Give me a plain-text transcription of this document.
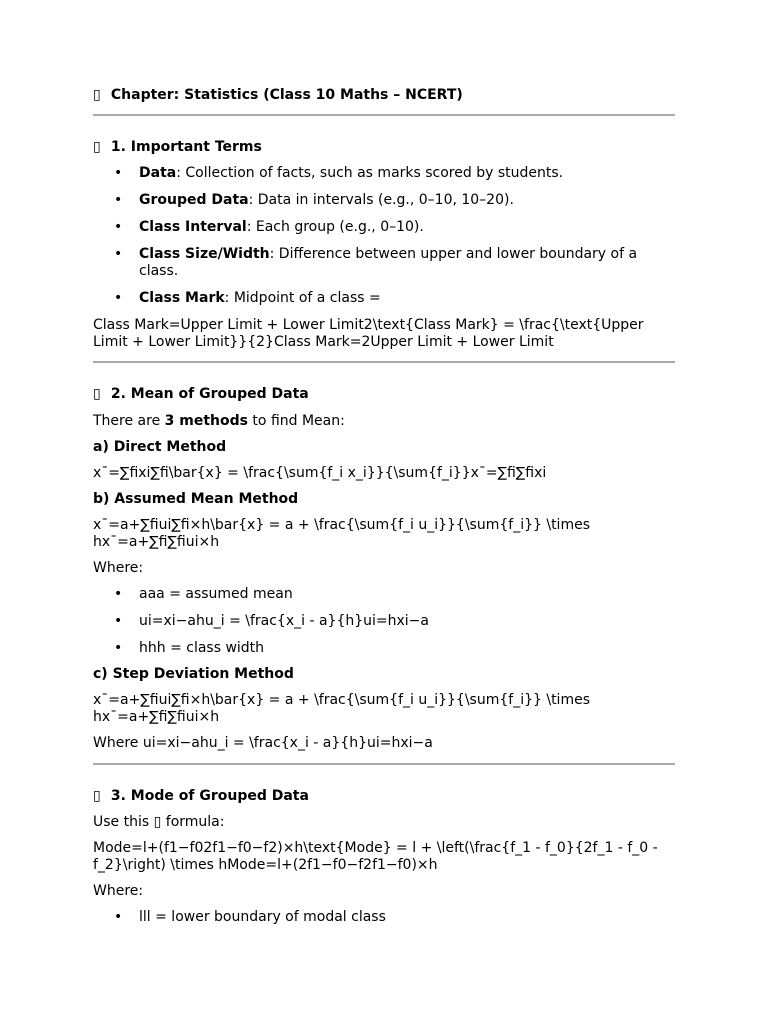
▯ Chapter: Statistics (Class 10 Maths – NCERT)

▯ 1. Important Terms

• Data: Collection of facts, such as marks scored by students.
• Grouped Data: Data in intervals (e.g., 0–10, 10–20).
• Class Interval: Each group (e.g., 0–10).
• Class Size/Width: Difference between upper and lower boundary of a class.
• Class Mark: Midpoint of a class =

Class Mark=Upper Limit + Lower Limit2\text{Class Mark} = \frac{\text{Upper Limit + Lower Limit}}{2}Class Mark=2Upper Limit + Lower Limit

▯ 2. Mean of Grouped Data

There are 3 methods to find Mean:

a) Direct Method

x¯=∑fixi∑fi\bar{x} = \frac{\sum{f_i x_i}}{\sum{f_i}}x¯=∑fi∑fixi

b) Assumed Mean Method

x¯=a+∑fiui∑fi×h\bar{x} = a + \frac{\sum{f_i u_i}}{\sum{f_i}} \times hx¯=a+∑fi∑fiui×h

Where:

• aaa = assumed mean
• ui=xi−ahu_i = \frac{x_i - a}{h}ui=hxi−a
• hhh = class width

c) Step Deviation Method

x¯=a+∑fiui∑fi×h\bar{x} = a + \frac{\sum{f_i u_i}}{\sum{f_i}} \times hx¯=a+∑fi∑fiui×h

Where ui=xi−ahu_i = \frac{x_i - a}{h}ui=hxi−a

▯ 3. Mode of Grouped Data

Use this ▯ formula:

Mode=l+(f1−f02f1−f0−f2)×h\text{Mode} = l + \left(\frac{f_1 - f_0}{2f_1 - f_0 - f_2}\right) \times hMode=l+(2f1−f0−f2f1−f0)×h

Where:

• lll = lower boundary of modal class
